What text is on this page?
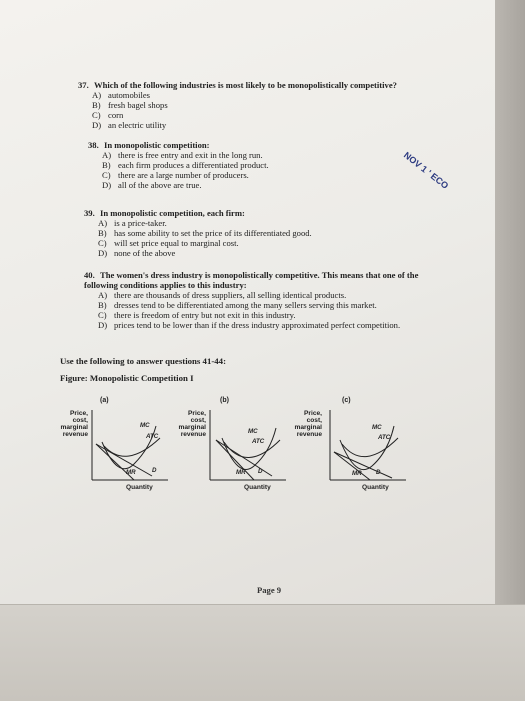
37. Which of the following industries is most likely to be monopolistically competitive?
A) automobiles
B) fresh bagel shops
C) corn
D) an electric utility
38. In monopolistic competition:
A) there is free entry and exit in the long run.
B) each firm produces a differentiated product.
C) there are a large number of producers.
D) all of the above are true.
39. In monopolistic competition, each firm:
A) is a price-taker.
B) has some ability to set the price of its differentiated good.
C) will set price equal to marginal cost.
D) none of the above
40. The women's dress industry is monopolistically competitive. This means that one of the following conditions applies to this industry:
A) there are thousands of dress suppliers, all selling identical products.
B) dresses tend to be differentiated among the many sellers serving this market.
C) there is freedom of entry but not exit in this industry.
D) prices tend to be lower than if the dress industry approximated perfect competition.
NOV 1 ' ECO
Use the following to answer questions 41-44:
Figure: Monopolistic Competition I
(a)
Price,
cost,
marginal
revenue
MC
ATC
MR	D
Quantity
(b)
Price,
cost,
marginal
revenue	MC
ATC
MR D
Quantity
(c)
Price,
cost,
marginal
revenue
MC
ATC
MR D
Quantity
Page 9
